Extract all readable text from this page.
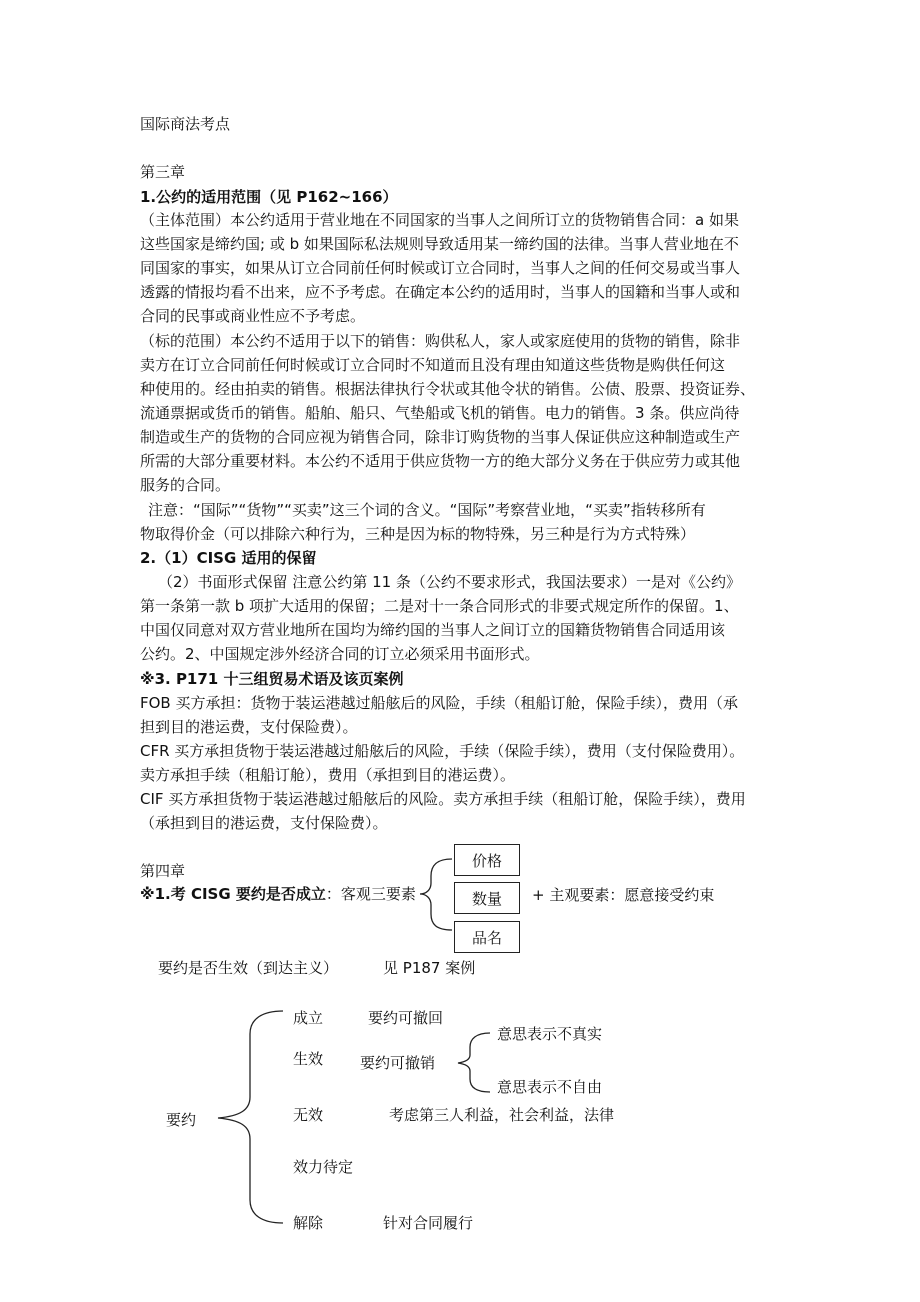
国际商法考点
第三章
1.公约的适用范围（见 P162~166）
（主体范围）本公约适用于营业地在不同国家的当事人之间所订立的货物销售合同：a 如果
这些国家是缔约国; 或 b 如果国际私法规则导致适用某一缔约国的法律。当事人营业地在不
同国家的事实，如果从订立合同前任何时候或订立合同时，当事人之间的任何交易或当事人
透露的情报均看不出来，应不予考虑。在确定本公约的适用时，当事人的国籍和当事人或和
合同的民事或商业性应不予考虑。
（标的范围）本公约不适用于以下的销售：购供私人，家人或家庭使用的货物的销售，除非
卖方在订立合同前任何时候或订立合同时不知道而且没有理由知道这些货物是购供任何这
种使用的。经由拍卖的销售。根据法律执行令状或其他令状的销售。公债、股票、投资证券、
流通票据或货币的销售。船舶、船只、气垫船或飞机的销售。电力的销售。3 条。供应尚待
制造或生产的货物的合同应视为销售合同，除非订购货物的当事人保证供应这种制造或生产
所需的大部分重要材料。本公约不适用于供应货物一方的绝大部分义务在于供应劳力或其他
服务的合同。
注意：“国际”“货物”“买卖”这三个词的含义。“国际”考察营业地，“买卖”指转移所有
物取得价金（可以排除六种行为，三种是因为标的物特殊，另三种是行为方式特殊）
2.（1）CISG 适用的保留
（2）书面形式保留 注意公约第 11 条（公约不要求形式，我国法要求）一是对《公约》
第一条第一款 b 项扩大适用的保留；二是对十一条合同形式的非要式规定所作的保留。1、
中国仅同意对双方营业地所在国均为缔约国的当事人之间订立的国籍货物销售合同适用该
公约。2、中国规定涉外经济合同的订立必须采用书面形式。
※3. P171 十三组贸易术语及该页案例
FOB 买方承担：货物于装运港越过船舷后的风险，手续（租船订舱，保险手续），费用（承
担到目的港运费，支付保险费）。
CFR 买方承担货物于装运港越过船舷后的风险，手续（保险手续），费用（支付保险费用）。
卖方承担手续（租船订舱），费用（承担到目的港运费）。
CIF 买方承担货物于装运港越过船舷后的风险。卖方承担手续（租船订舱，保险手续），费用
（承担到目的港运费，支付保险费）。
第四章
※1.考 CISG 要约是否成立：客观三要素
价格
数量
品名
+ 主观要素：愿意接受约束
要约是否生效（到达主义）	见 P187 案例
要约
成立	要约可撤回
生效 要约可撤销
意思表示不真实
意思表示不自由
无效	考虑第三人利益，社会利益，法律
效力待定
解除	针对合同履行
